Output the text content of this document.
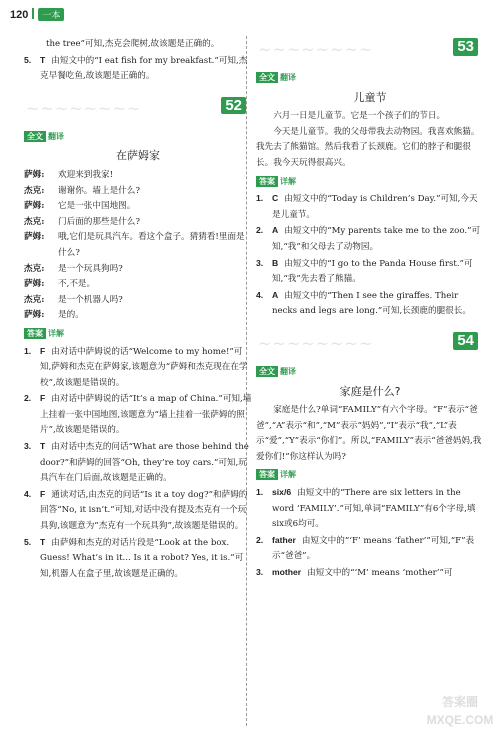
120 一本
the tree”可知,杰克会爬树,故该题是正确的。
5.	T 由短文中的“I eat fish for my breakfast.”可知,杰克早餐吃鱼,故该题是正确的。
~~~~~~~~	52
全文 翻译
在萨姆家
萨姆:	欢迎来到我家!
杰克:	谢谢你。墙上是什么?
萨姆:	它是一张中国地图。
杰克:	门后面的那些是什么?
萨姆:	哦,它们是玩具汽车。看这个盒子。猜猜看!里面是什么?
杰克:	是一个玩具狗吗?
萨姆:	不,不是。
杰克:	是一个机器人吗?
萨姆:	是的。
答案 详解
1.	F 由对话中萨姆说的话“Welcome to my home!”可知,萨姆和杰克在萨姆家,该题意为“萨姆和杰克现在在学校”,故该题是错误的。
2.	F 由对话中萨姆说的话“It’s a map of China.”可知,墙上挂着一张中国地图,该题意为“墙上挂着一张萨姆的照片”,故该题是错误的。
3.	T 由对话中杰克的问话“What are those behind the door?”和萨姆的回答“Oh, they’re toy cars.”可知,玩具汽车在门后面,故该题是正确的。
4.	F 通读对话,由杰克的问话“Is it a toy dog?”和萨姆的回答“No, it isn’t.”可知,对话中没有提及杰克有一个玩具狗,该题意为“杰克有一个玩具狗”,故该题是错误的。
5.	T 由萨姆和杰克的对话片段是“Look at the box. Guess! What’s in it... Is it a robot? Yes, it is.”可知,机器人在盒子里,故该题是正确的。
~~~~~~~~	53
全文 翻译
儿童节

六月一日是儿童节。它是一个孩子们的节日。

今天是儿童节。我的父母带我去动物园。我喜欢熊猫。我先去了熊猫馆。然后我看了长颈鹿。它们的脖子和腿很长。我今天玩得很高兴。

答案 详解
1.	C 由短文中的“Today is Children’s Day.”可知,今天是儿童节。
2.	A 由短文中的“My parents take me to the zoo.”可知,“我”和父母去了动物园。
3.	B 由短文中的“I go to the Panda House first.”可知,“我”先去看了熊猫。
4.	A 由短文中的“Then I see the giraffes. Their necks and legs are long.”可知,长颈鹿的腿很长。
~~~~~~~~	54
全文 翻译
家庭是什么?

家庭是什么?单词“FAMILY”有六个字母。“F”表示“爸爸”,“A”表示“和”,“M”表示“妈妈”,“I”表示“我”,“L”表示“爱”,“Y”表示“你们”。所以,“FAMILY”表示“爸爸妈妈,我爱你们!”你这样认为吗?

答案 详解
1.	six/6 由短文中的“There are six letters in the word ‘FAMILY’.”可知,单词“FAMILY”有6个字母,填six或6均可。
2.	father 由短文中的“‘F’ means ‘father’”可知,“F”表示“爸爸”。
3.	mother 由短文中的“‘M’ means ‘mother’”可
答案圈
MXQE.COM
